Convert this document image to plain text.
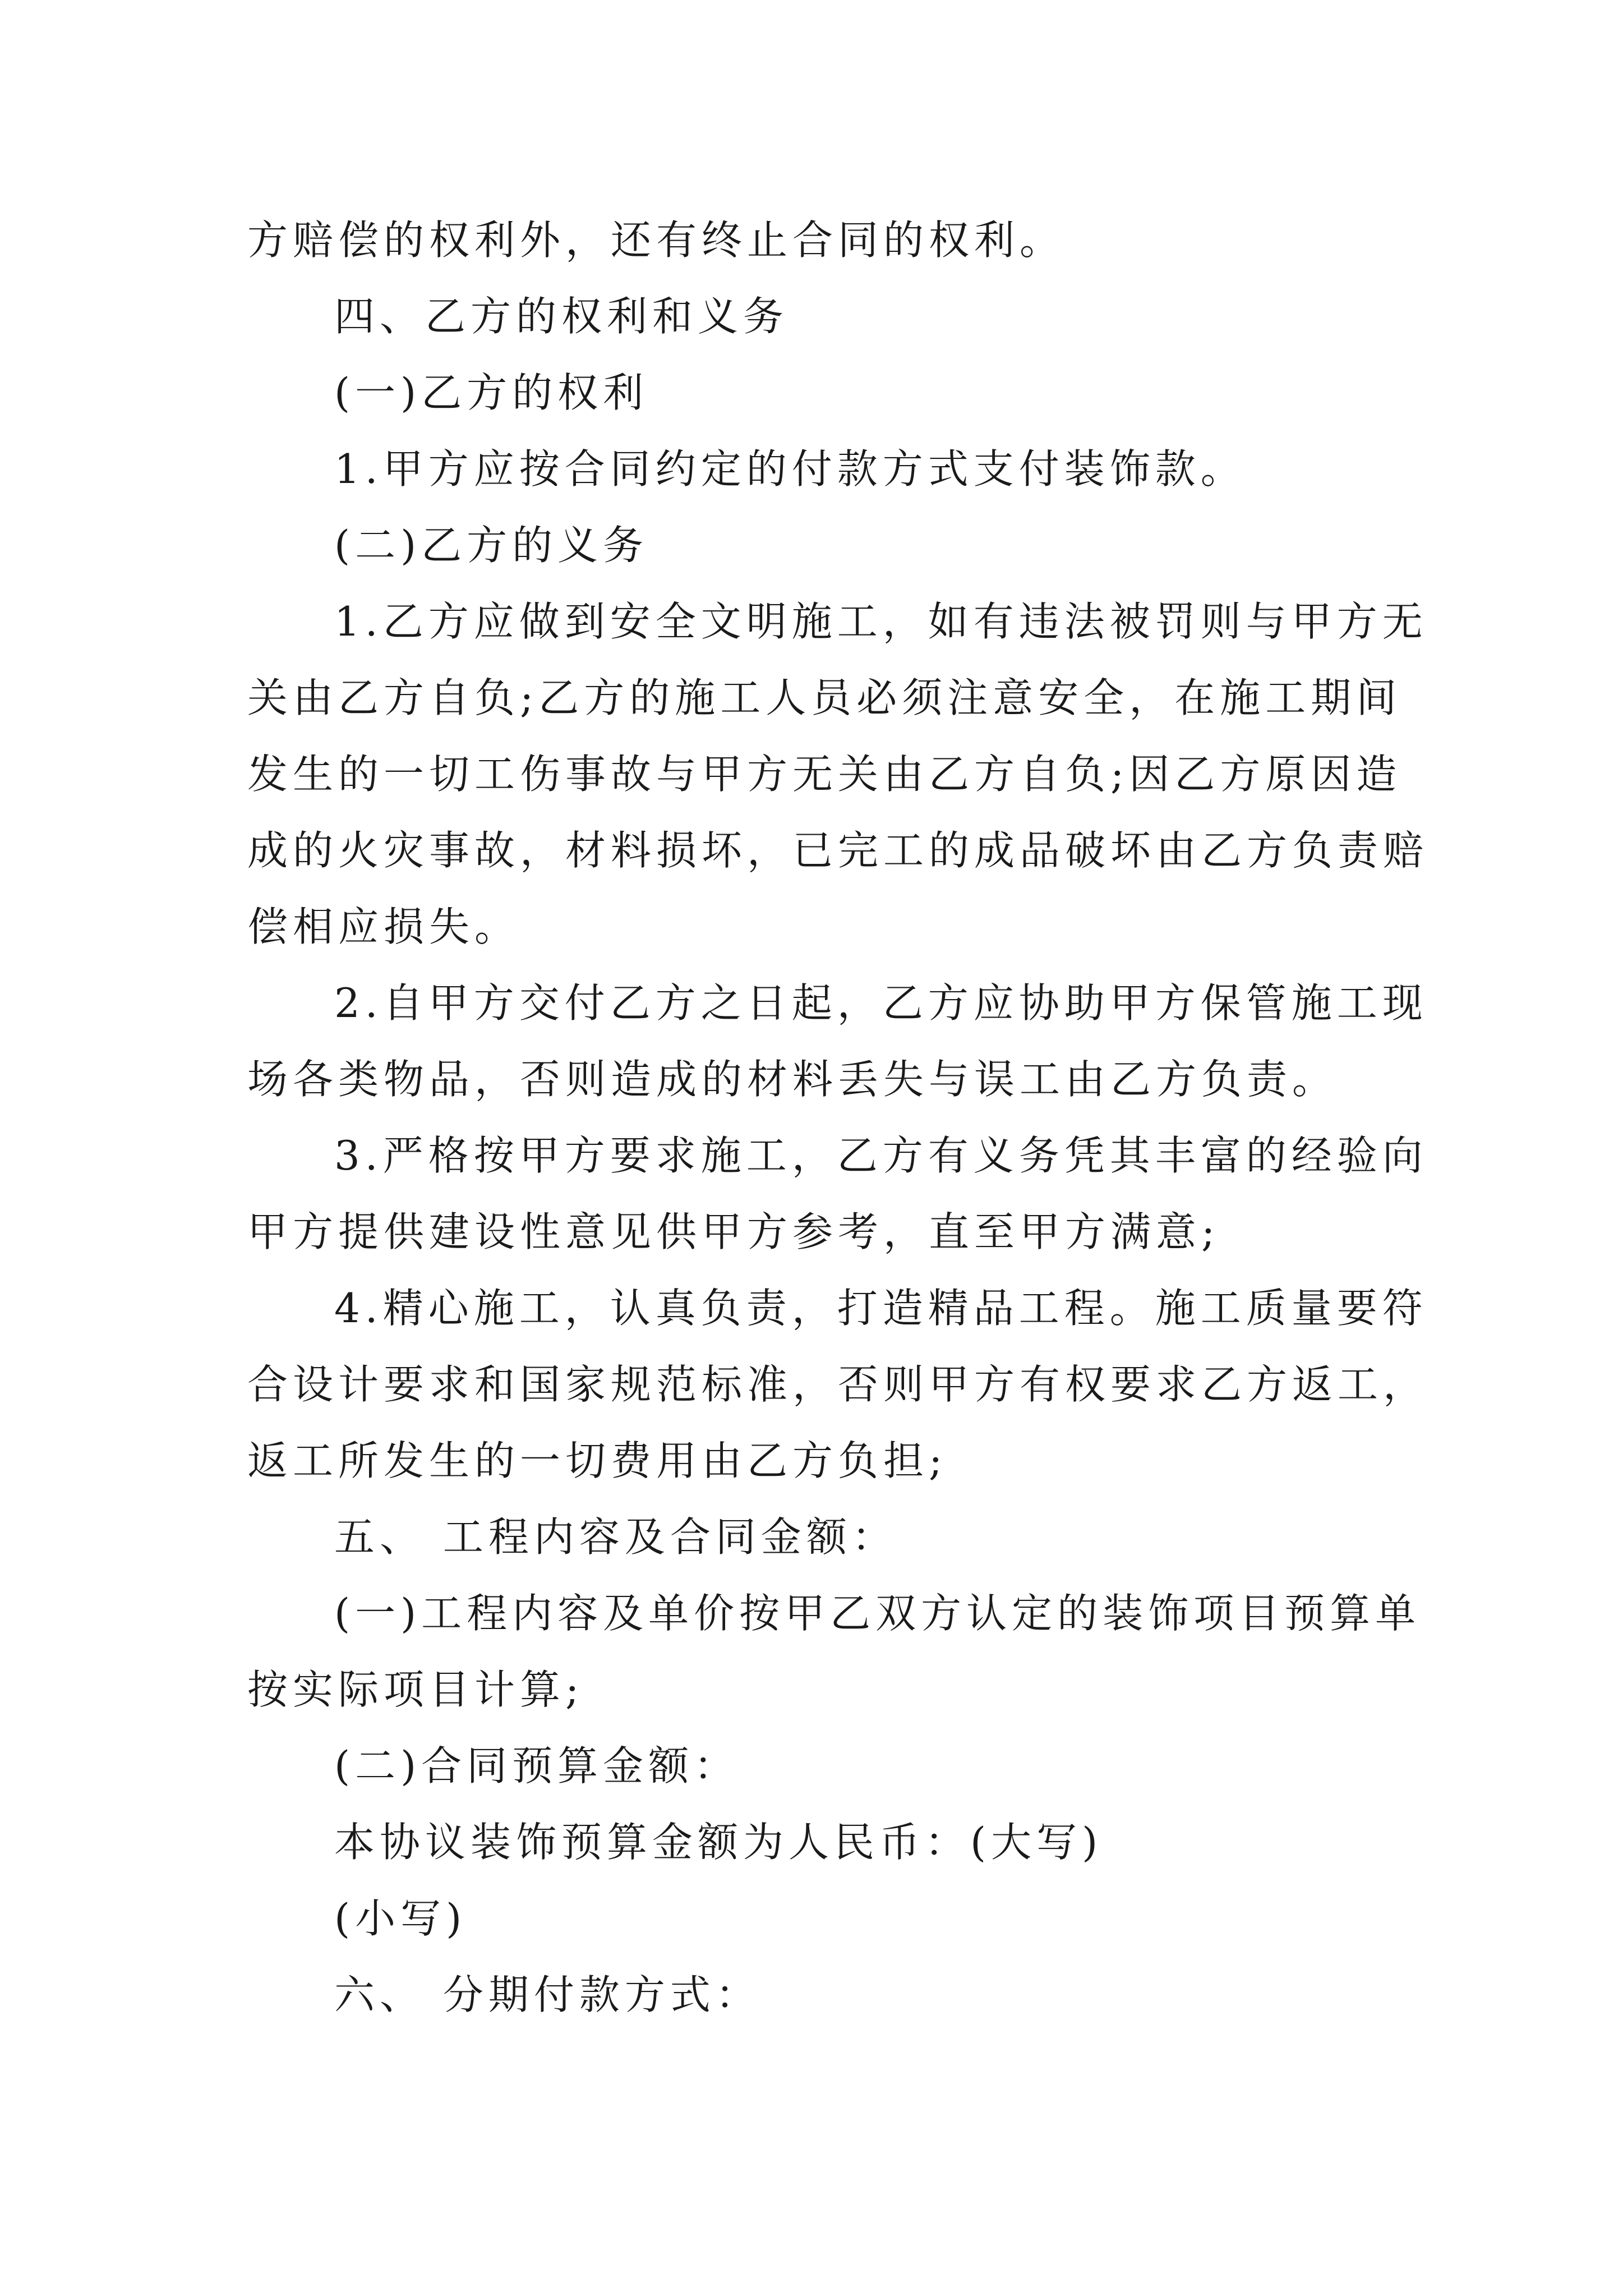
方赔偿的权利外，还有终止合同的权利。

四、乙方的权利和义务

(一)乙方的权利

1.甲方应按合同约定的付款方式支付装饰款。

(二)乙方的义务

1.乙方应做到安全文明施工，如有违法被罚则与甲方无

关由乙方自负;乙方的施工人员必须注意安全，在施工期间

发生的一切工伤事故与甲方无关由乙方自负;因乙方原因造

成的火灾事故，材料损坏，已完工的成品破坏由乙方负责赔

偿相应损失。

2.自甲方交付乙方之日起，乙方应协助甲方保管施工现

场各类物品，否则造成的材料丢失与误工由乙方负责。

3.严格按甲方要求施工，乙方有义务凭其丰富的经验向

甲方提供建设性意见供甲方参考，直至甲方满意;

4.精心施工，认真负责，打造精品工程。施工质量要符

合设计要求和国家规范标准，否则甲方有权要求乙方返工，

返工所发生的一切费用由乙方负担;

五、 工程内容及合同金额：

(一)工程内容及单价按甲乙双方认定的装饰项目预算单

按实际项目计算;

(二)合同预算金额：

本协议装饰预算金额为人民币：(大写)

(小写)

六、 分期付款方式：
